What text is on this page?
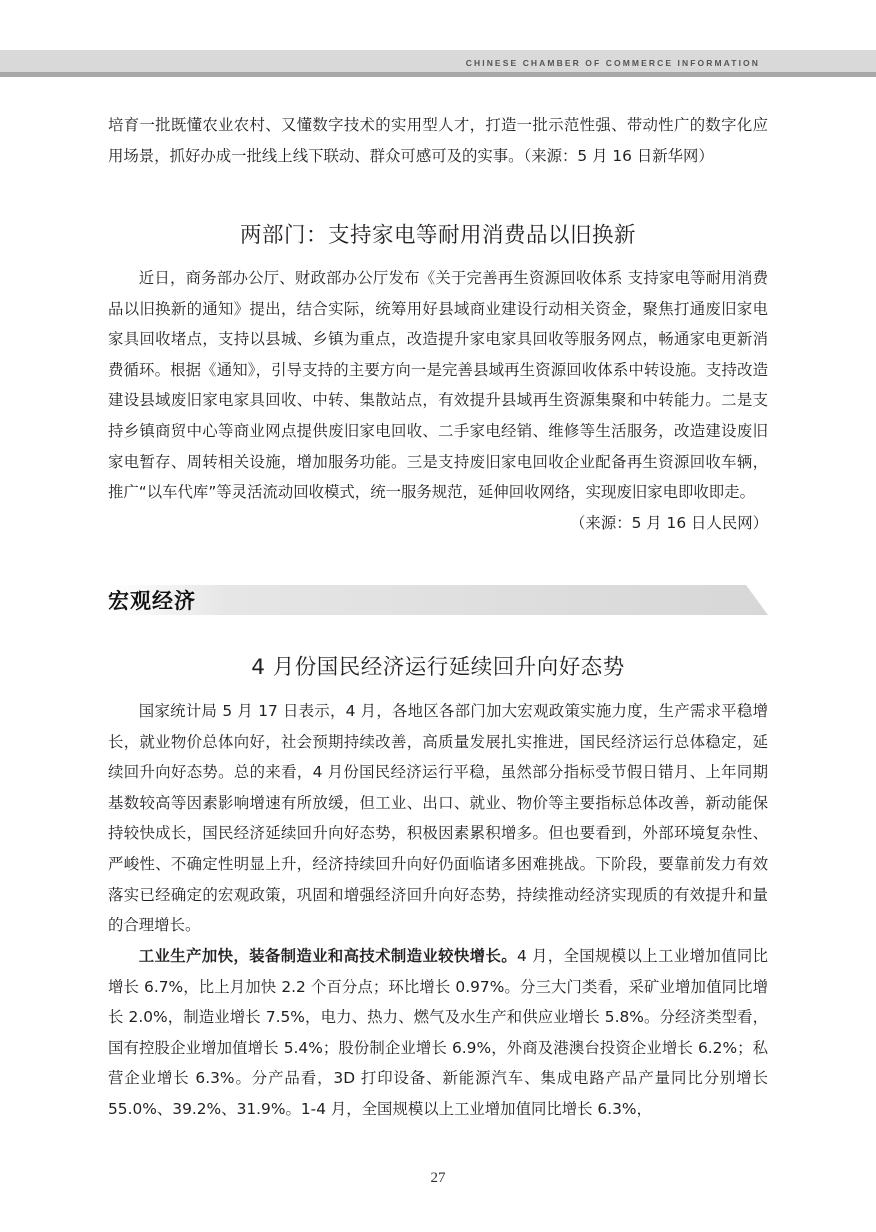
CHINESE CHAMBER OF COMMERCE INFORMATION

培育一批既懂农业农村、又懂数字技术的实用型人才，打造一批示范性强、带动性广的数字化应用场景，抓好办成一批线上线下联动、群众可感可及的实事。（来源：5 月 16 日新华网）

两部门：支持家电等耐用消费品以旧换新

近日，商务部办公厅、财政部办公厅发布《关于完善再生资源回收体系 支持家电等耐用消费品以旧换新的通知》提出，结合实际，统筹用好县域商业建设行动相关资金，聚焦打通废旧家电家具回收堵点，支持以县城、乡镇为重点，改造提升家电家具回收等服务网点，畅通家电更新消费循环。根据《通知》，引导支持的主要方向一是完善县域再生资源回收体系中转设施。支持改造建设县域废旧家电家具回收、中转、集散站点，有效提升县域再生资源集聚和中转能力。二是支持乡镇商贸中心等商业网点提供废旧家电回收、二手家电经销、维修等生活服务，改造建设废旧家电暂存、周转相关设施，增加服务功能。三是支持废旧家电回收企业配备再生资源回收车辆，推广“以车代库”等灵活流动回收模式，统一服务规范，延伸回收网络，实现废旧家电即收即走。
（来源：5 月 16 日人民网）

宏观经济
4 月份国民经济运行延续回升向好态势

国家统计局 5 月 17 日表示，4 月，各地区各部门加大宏观政策实施力度，生产需求平稳增长，就业物价总体向好，社会预期持续改善，高质量发展扎实推进，国民经济运行总体稳定，延续回升向好态势。总的来看，4 月份国民经济运行平稳，虽然部分指标受节假日错月、上年同期基数较高等因素影响增速有所放缓，但工业、出口、就业、物价等主要指标总体改善，新动能保持较快成长，国民经济延续回升向好态势，积极因素累积增多。但也要看到，外部环境复杂性、严峻性、不确定性明显上升，经济持续回升向好仍面临诸多困难挑战。下阶段，要靠前发力有效落实已经确定的宏观政策，巩固和增强经济回升向好态势，持续推动经济实现质的有效提升和量的合理增长。

工业生产加快，装备制造业和高技术制造业较快增长。4 月，全国规模以上工业增加值同比增长 6.7%，比上月加快 2.2 个百分点；环比增长 0.97%。分三大门类看，采矿业增加值同比增长 2.0%，制造业增长 7.5%，电力、热力、燃气及水生产和供应业增长 5.8%。分经济类型看，国有控股企业增加值增长 5.4%；股份制企业增长 6.9%，外商及港澳台投资企业增长 6.2%；私营企业增长 6.3%。分产品看，3D 打印设备、新能源汽车、集成电路产品产量同比分别增长 55.0%、39.2%、31.9%。1-4 月，全国规模以上工业增加值同比增长 6.3%，

27
